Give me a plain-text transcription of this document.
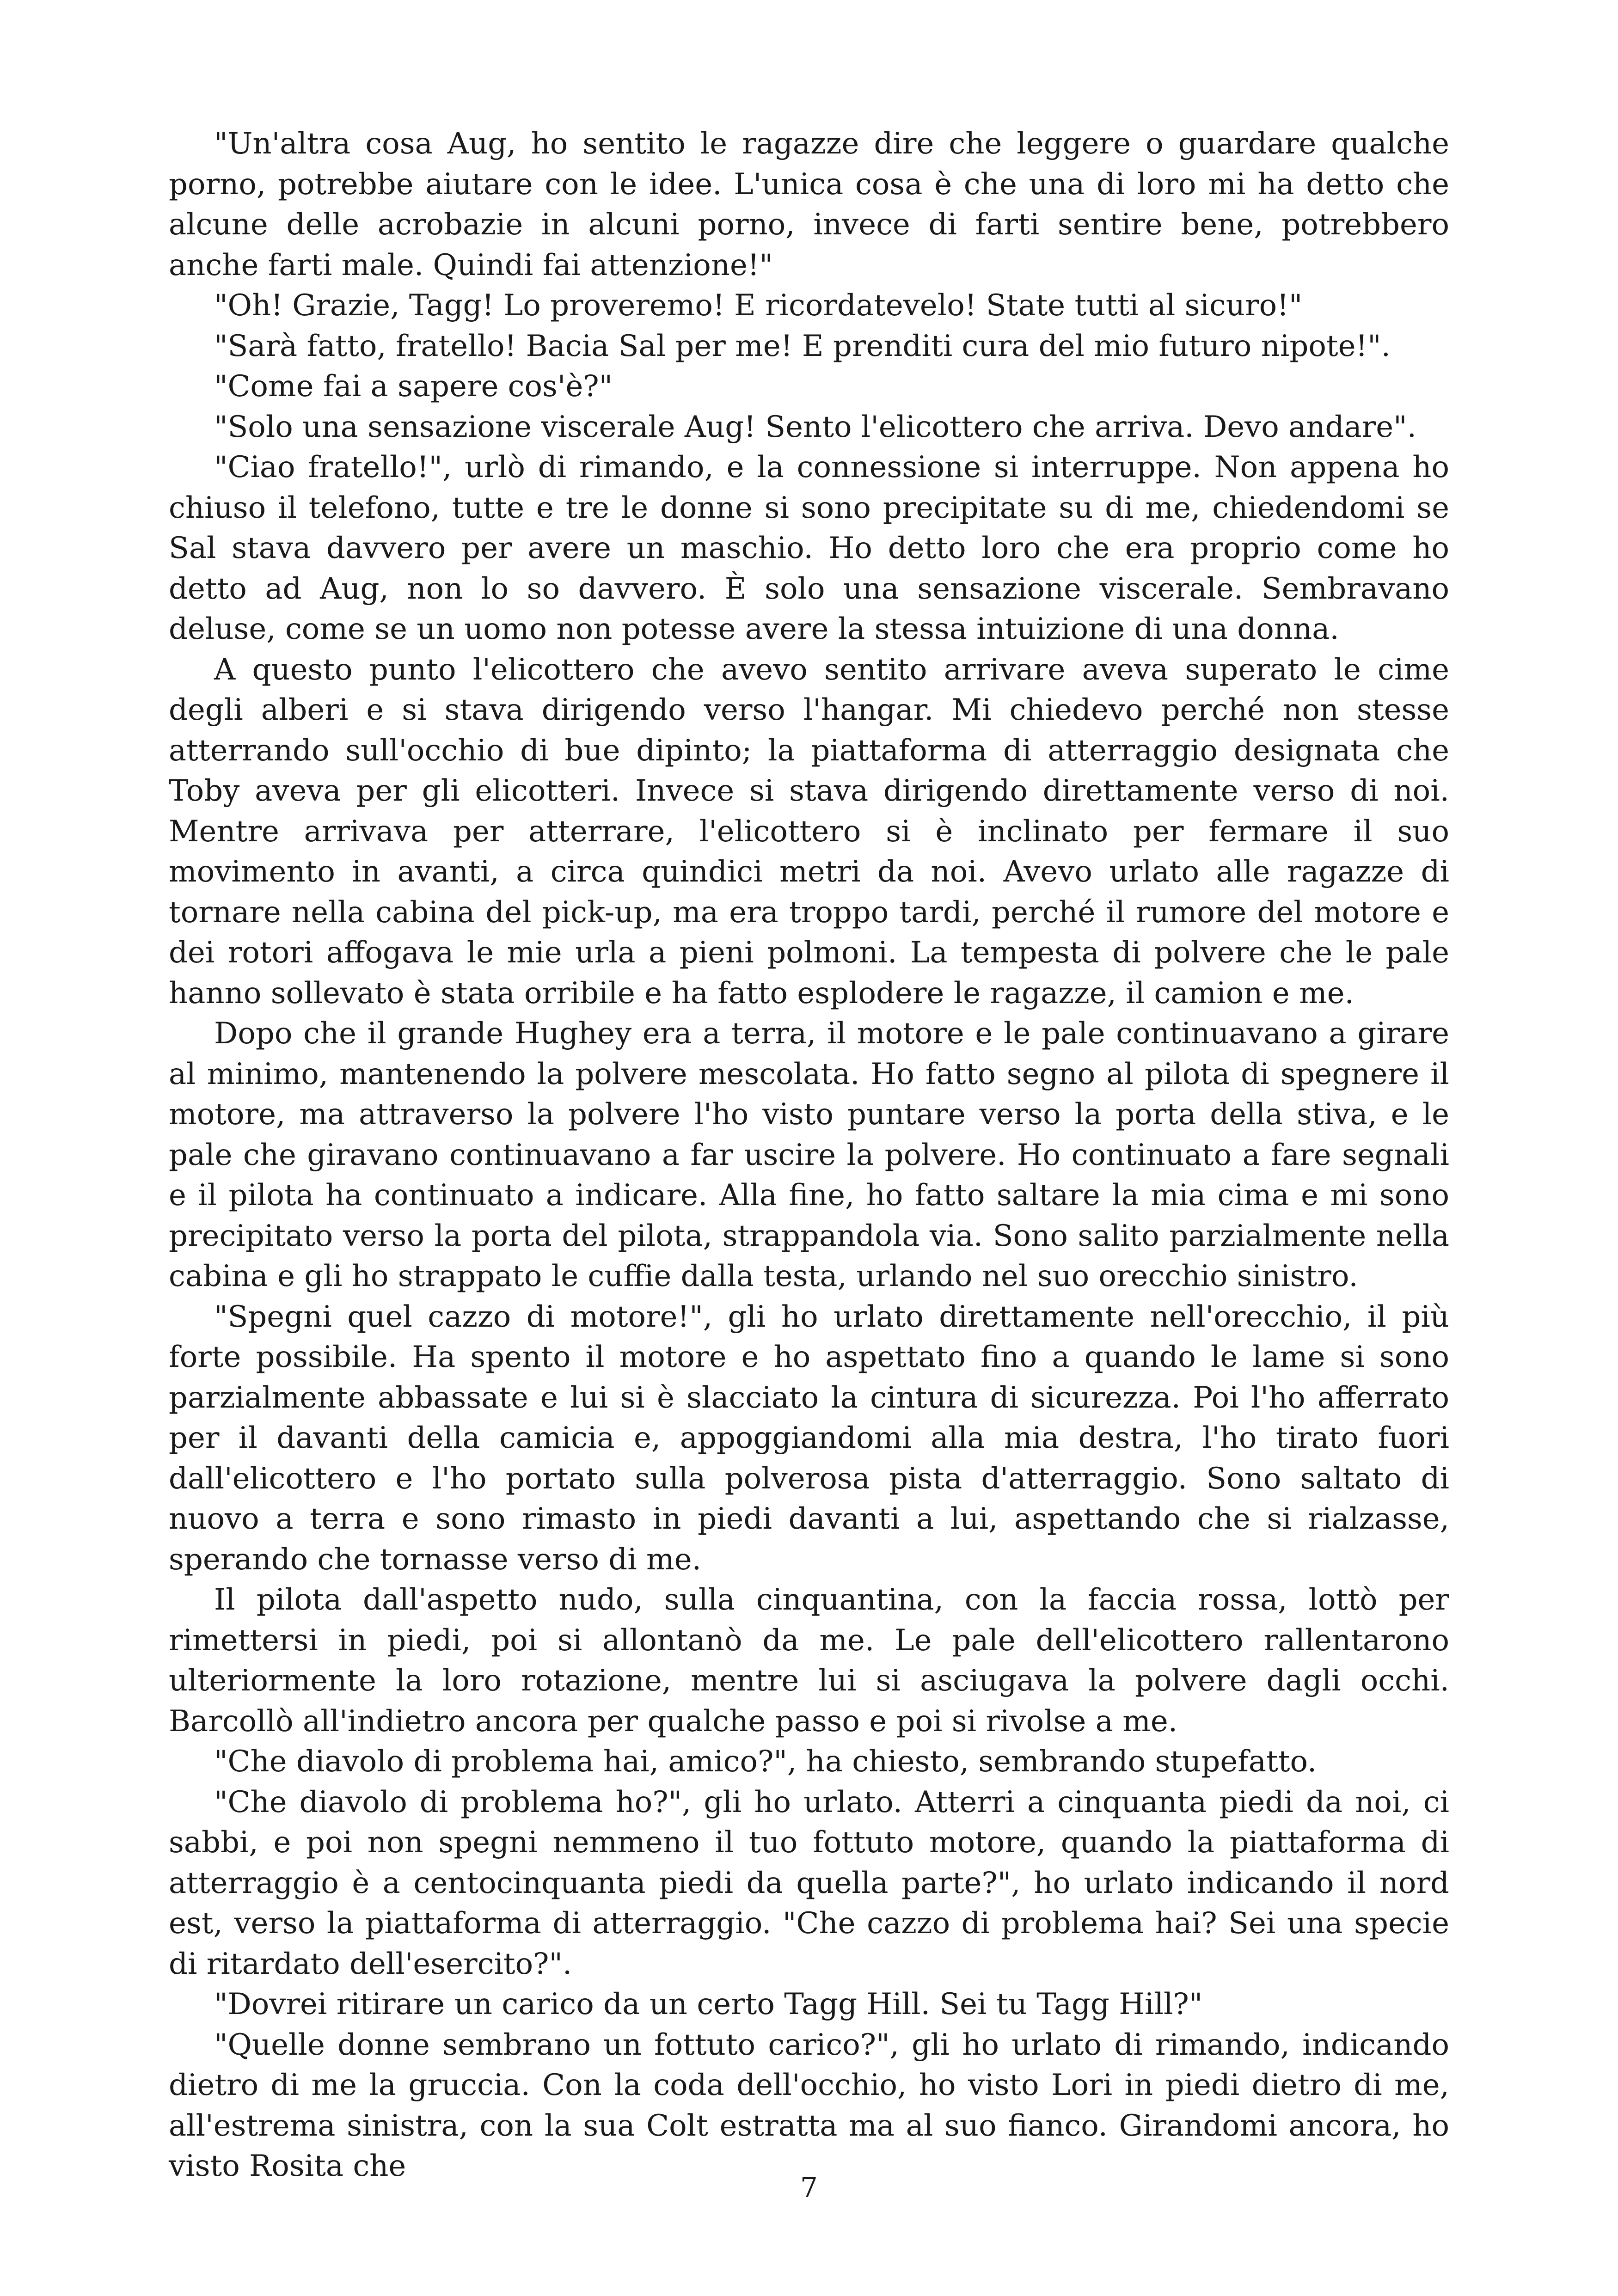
"Un'altra cosa Aug, ho sentito le ragazze dire che leggere o guardare qualche porno, potrebbe aiutare con le idee. L'unica cosa è che una di loro mi ha detto che alcune delle acrobazie in alcuni porno, invece di farti sentire bene, potrebbero anche farti male. Quindi fai attenzione!"

"Oh! Grazie, Tagg! Lo proveremo! E ricordatevelo! State tutti al sicuro!"

"Sarà fatto, fratello! Bacia Sal per me! E prenditi cura del mio futuro nipote!".

"Come fai a sapere cos'è?"

"Solo una sensazione viscerale Aug! Sento l'elicottero che arriva. Devo andare".

"Ciao fratello!", urlò di rimando, e la connessione si interruppe. Non appena ho chiuso il telefono, tutte e tre le donne si sono precipitate su di me, chiedendomi se Sal stava davvero per avere un maschio. Ho detto loro che era proprio come ho detto ad Aug, non lo so davvero. È solo una sensazione viscerale. Sembravano deluse, come se un uomo non potesse avere la stessa intuizione di una donna.

A questo punto l'elicottero che avevo sentito arrivare aveva superato le cime degli alberi e si stava dirigendo verso l'hangar. Mi chiedevo perché non stesse atterrando sull'occhio di bue dipinto; la piattaforma di atterraggio designata che Toby aveva per gli elicotteri. Invece si stava dirigendo direttamente verso di noi. Mentre arrivava per atterrare, l'elicottero si è inclinato per fermare il suo movimento in avanti, a circa quindici metri da noi. Avevo urlato alle ragazze di tornare nella cabina del pick-up, ma era troppo tardi, perché il rumore del motore e dei rotori affogava le mie urla a pieni polmoni. La tempesta di polvere che le pale hanno sollevato è stata orribile e ha fatto esplodere le ragazze, il camion e me.

Dopo che il grande Hughey era a terra, il motore e le pale continuavano a girare al minimo, mantenendo la polvere mescolata. Ho fatto segno al pilota di spegnere il motore, ma attraverso la polvere l'ho visto puntare verso la porta della stiva, e le pale che giravano continuavano a far uscire la polvere. Ho continuato a fare segnali e il pilota ha continuato a indicare. Alla fine, ho fatto saltare la mia cima e mi sono precipitato verso la porta del pilota, strappandola via. Sono salito parzialmente nella cabina e gli ho strappato le cuffie dalla testa, urlando nel suo orecchio sinistro.

"Spegni quel cazzo di motore!", gli ho urlato direttamente nell'orecchio, il più forte possibile. Ha spento il motore e ho aspettato fino a quando le lame si sono parzialmente abbassate e lui si è slacciato la cintura di sicurezza. Poi l'ho afferrato per il davanti della camicia e, appoggiandomi alla mia destra, l'ho tirato fuori dall'elicottero e l'ho portato sulla polverosa pista d'atterraggio. Sono saltato di nuovo a terra e sono rimasto in piedi davanti a lui, aspettando che si rialzasse, sperando che tornasse verso di me.

Il pilota dall'aspetto nudo, sulla cinquantina, con la faccia rossa, lottò per rimettersi in piedi, poi si allontanò da me. Le pale dell'elicottero rallentarono ulteriormente la loro rotazione, mentre lui si asciugava la polvere dagli occhi. Barcollò all'indietro ancora per qualche passo e poi si rivolse a me.

"Che diavolo di problema hai, amico?", ha chiesto, sembrando stupefatto.

"Che diavolo di problema ho?", gli ho urlato. Atterri a cinquanta piedi da noi, ci sabbi, e poi non spegni nemmeno il tuo fottuto motore, quando la piattaforma di atterraggio è a centocinquanta piedi da quella parte?", ho urlato indicando il nord est, verso la piattaforma di atterraggio. "Che cazzo di problema hai? Sei una specie di ritardato dell'esercito?".

"Dovrei ritirare un carico da un certo Tagg Hill. Sei tu Tagg Hill?"

"Quelle donne sembrano un fottuto carico?", gli ho urlato di rimando, indicando dietro di me la gruccia. Con la coda dell'occhio, ho visto Lori in piedi dietro di me, all'estrema sinistra, con la sua Colt estratta ma al suo fianco. Girandomi ancora, ho visto Rosita che

7
